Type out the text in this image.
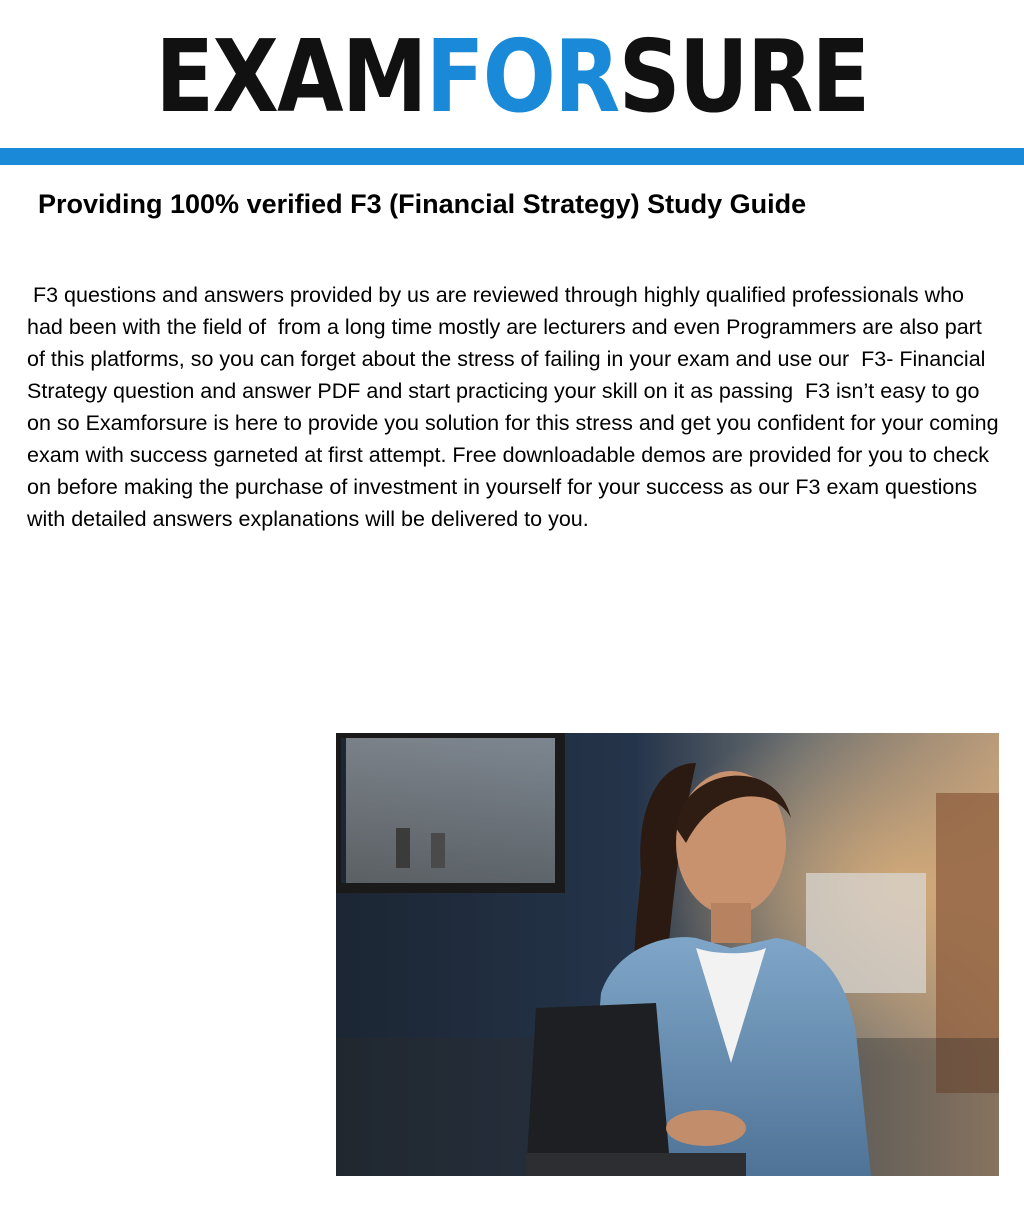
EXAMFORSURE
Providing 100% verified F3 (Financial Strategy) Study Guide
F3 questions and answers provided by us are reviewed through highly qualified professionals who had been with the field of  from a long time mostly are lecturers and even Programmers are also part of this platforms, so you can forget about the stress of failing in your exam and use our  F3- Financial Strategy question and answer PDF and start practicing your skill on it as passing  F3 isn’t easy to go on so Examforsure is here to provide you solution for this stress and get you confident for your coming exam with success garneted at first attempt. Free downloadable demos are provided for you to check on before making the purchase of investment in yourself for your success as our F3 exam questions with detailed answers explanations will be delivered to you.
